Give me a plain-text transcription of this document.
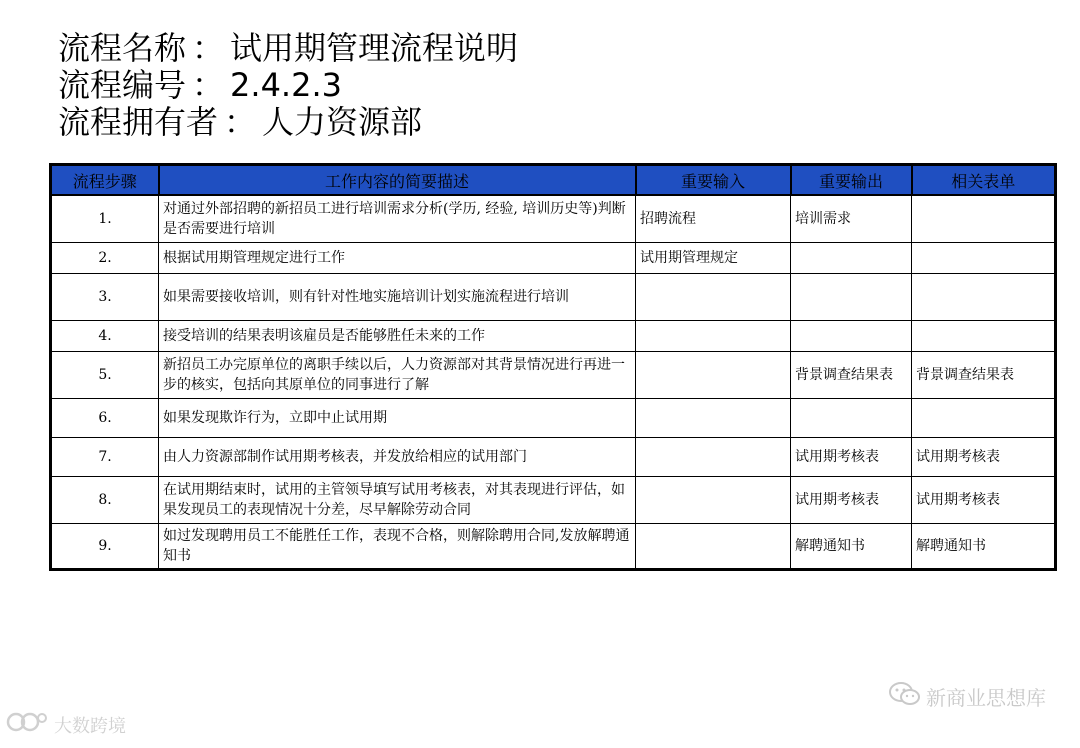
流程名称 ： 试用期管理流程说明
流程编号 ： 2.4.2.3
流程拥有者 ： 人力资源部
流程步骤	工作内容的简要描述	重要输入	重要输出	相关表单
1.	对通过外部招聘的新招员工进行培训需求分析(学历, 经验, 培训历史等)判断是否需要进行培训	招聘流程	培训需求	
2.	根据试用期管理规定进行工作	试用期管理规定		
3.	如果需要接收培训，则有针对性地实施培训计划实施流程进行培训			
4.	接受培训的结果表明该雇员是否能够胜任未来的工作			
5.	新招员工办完原单位的离职手续以后，人力资源部对其背景情况进行再进一步的核实，包括向其原单位的同事进行了解		背景调查结果表	背景调查结果表
6.	如果发现欺诈行为，立即中止试用期			
7.	由人力资源部制作试用期考核表，并发放给相应的试用部门		试用期考核表	试用期考核表
8.	在试用期结束时，试用的主管领导填写试用考核表，对其表现进行评估，如果发现员工的表现情况十分差，尽早解除劳动合同		试用期考核表	试用期考核表
9.	如过发现聘用员工不能胜任工作，表现不合格，则解除聘用合同,发放解聘通知书		解聘通知书	解聘通知书
新商业思想库
大数跨境
